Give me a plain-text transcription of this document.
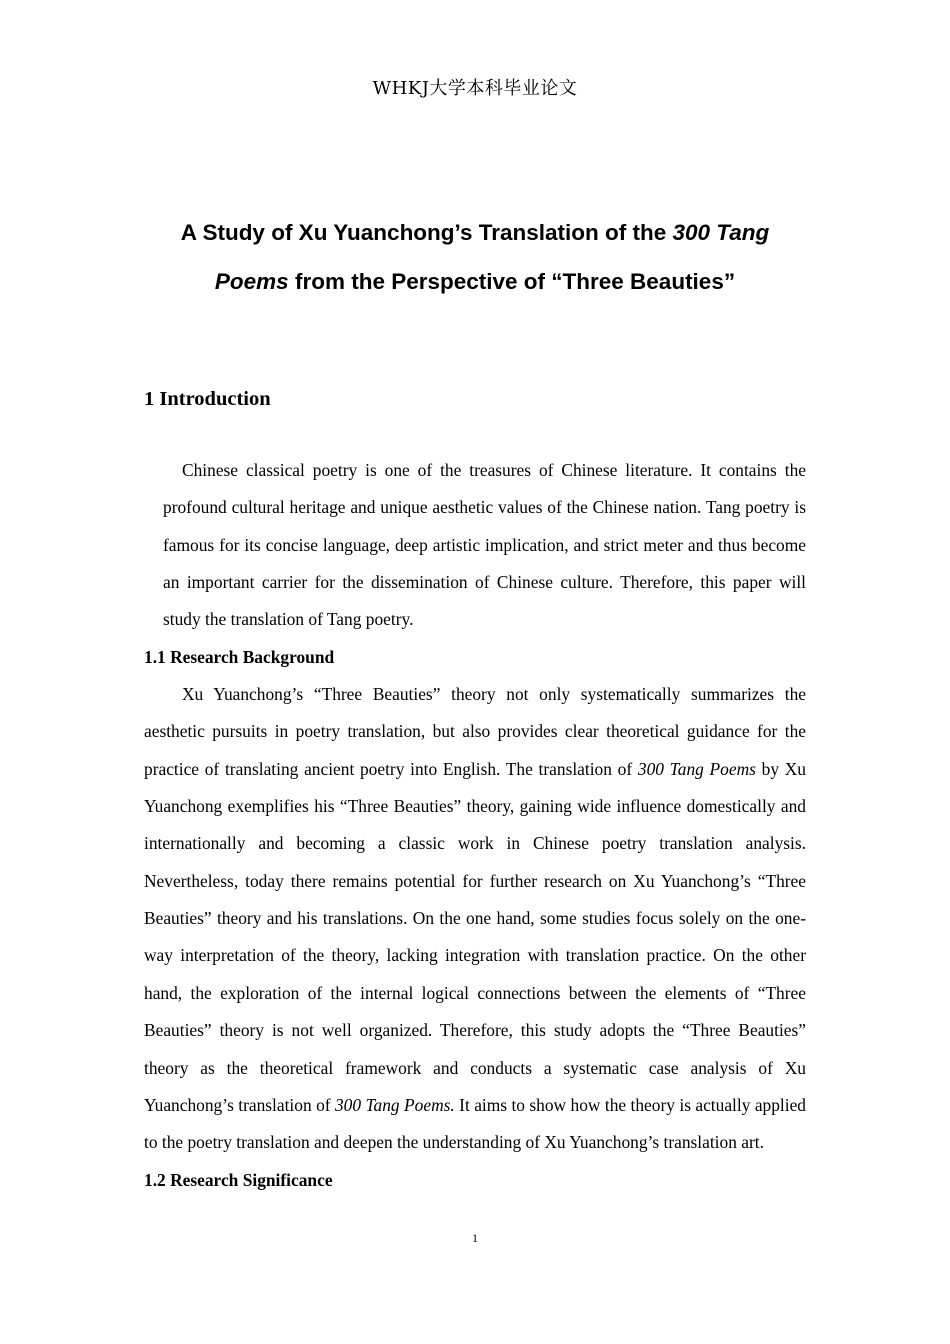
WHKJ大学本科毕业论文
A Study of Xu Yuanchong’s Translation of the 300 Tang
Poems from the Perspective of “Three Beauties”
1 Introduction

Chinese classical poetry is one of the treasures of Chinese literature. It contains the profound cultural heritage and unique aesthetic values of the Chinese nation. Tang poetry is famous for its concise language, deep artistic implication, and strict meter and thus become an important carrier for the dissemination of Chinese culture. Therefore, this paper will study the translation of Tang poetry.

1.1 Research Background

Xu Yuanchong’s “Three Beauties” theory not only systematically summarizes the aesthetic pursuits in poetry translation, but also provides clear theoretical guidance for the practice of translating ancient poetry into English. The translation of 300 Tang Poems by Xu Yuanchong exemplifies his “Three Beauties” theory, gaining wide influence domestically and internationally and becoming a classic work in Chinese poetry translation analysis. Nevertheless, today there remains potential for further research on Xu Yuanchong’s “Three Beauties” theory and his translations. On the one hand, some studies focus solely on the one-way interpretation of the theory, lacking integration with translation practice. On the other hand, the exploration of the internal logical connections between the elements of “Three Beauties” theory is not well organized. Therefore, this study adopts the “Three Beauties” theory as the theoretical framework and conducts a systematic case analysis of Xu Yuanchong’s translation of 300 Tang Poems. It aims to show how the theory is actually applied to the poetry translation and deepen the understanding of Xu Yuanchong’s translation art.

1.2 Research Significance

1
